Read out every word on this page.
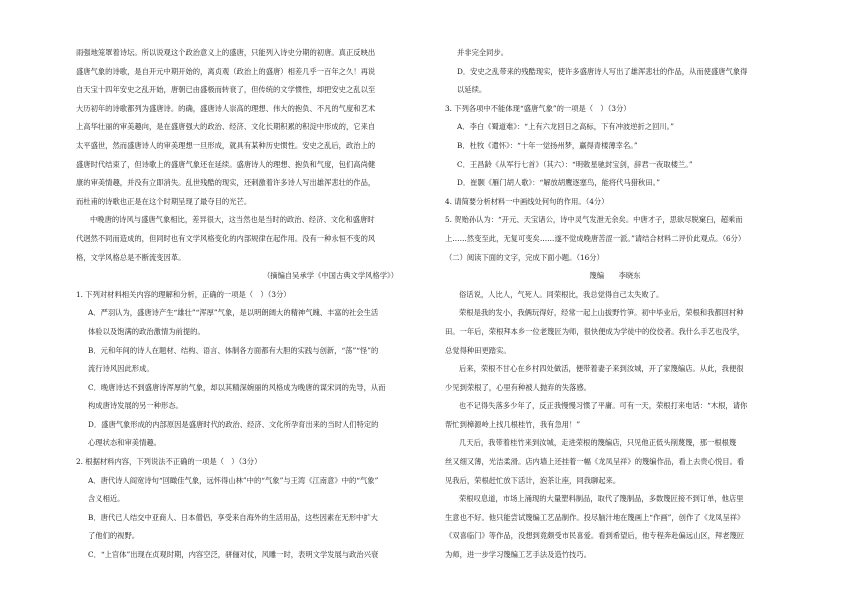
雨强地笼罩着诗坛。所以说观这个政治意义上的盛唐，只能列入诗史分期的初唐。真正反映出
盛唐气象的诗歌，是自开元中期开始的，离贞观（政治上的盛唐）相差几乎一百年之久！再说
自天宝十四年安史之乱开始，唐朝已由盛极而转衰了，但传统的文学惯性，却把安史之乱以至
大历初年的诗歌都列为盛唐诗。的确，盛唐诗人崇高的理想、伟大的抱负、不凡的气度和艺术
上高华壮丽的审美趣向，是在盛唐强大的政治、经济、文化长期积累的积淀中形成的，它来自
太平盛世，然而盛唐诗人的审美理想一旦形成，就具有某种历史惯性。安史之乱后，政治上的
盛唐时代结束了，但诗歌上的盛唐气象还在延续。盛唐诗人的理想、抱负和气度，包们高尚健
康的审美情趣，并没有立即消失。乱世残酷的现实，还刺激着许多诗人写出雄浑悲壮的作品，
而杜甫的诗歌也正是在这个时期呈现了最夺目的光芒。
中晚唐的诗风与盛唐气象相比，差异很大，这当然也是当时的政治、经济、文化和盛唐时
代迥然不同而造成的，但同时也有文学风格变化的内部规律在起作用。没有一种永恒不变的风
格，文学风格总是不断流变因革。
（摘编自吴承学《中国古典文学风格学》）
1. 下列对材料相关内容的理解和分析，正确的一项是（　）（3分）
A．严羽认为，盛唐诗产生“雄壮”“浑厚”气象，是以明朗阔大的精神气魄、丰富的社会生活
体验以及饱满的政治激情为前提的。
B．元和年间的诗人在题材、结构、语言、体制各方面都有大胆的实践与创新，“荡”“怪”的
流行诗风因此形成。
C．晚唐诗达不到盛唐诗浑厚的气象，却以其精深婉丽的风格成为晚唐的谋宋词的先导，从而
构成唐诗发展的另一种形态。
D．盛唐气象形成的内部原因是盛唐时代的政治、经济、文化所孕育出来的当时人们特定的
心理状态和审美情趣。
2. 根据材料内容，下列说法不正确的一项是（　）（3分）
A．唐代诗人阎宽诗句“回瞰佳气象，远怀得山林”中的“气象”与王湾《江南意》中的“气象”
含义相近。
B．唐代已人结交中亚商人、日本僧侣，享受来自海外的生活用品，这些因素在无形中扩大
了他们的视野。
C．“上官体”出现在贞观时期，内容空泛，骈俪对仗，风雕一时，表明文学发展与政治兴衰
并非完全同步。
D．安史之乱带来的残酷现实，使许多盛唐诗人写出了雄浑悲壮的作品，从而使盛唐气象得
以延续。
3. 下列各项中不能体现“盛唐气象”的一项是（　）（3分）
A．李白《蜀道难》：“上有六龙回日之高标，下有冲波逆折之回川。”
B．杜牧《遣怀》：“十年一觉扬州梦，赢得青楼薄幸名。”
C．王昌龄《从军行七首》（其六）：“明敕星驰封宝剑，辞君一夜取楼兰。”
D．崔颢《雁门胡人歌》：“解放胡鹰逐塞鸟，能将代马猎秋田。”
4. 请简要分析材料一中画线处何句的作用。（4分）
5. 贺贻孙认为：“开元、天宝诸公，诗中灵气发泄无余矣。中唐才子，思欲尽脱窠臼，超乘而
上……然变至此，无复可变矣……遂不觉成晚唐苦涩一派。”请结合材料二评价此观点。（6分）
（二）阅读下面的文字，完成下面小题。（16分）
篾编　　李晓东
俗话说，人比人，气死人。同荣根比，我总觉得自己太失败了。
荣根是我的发小，我俩玩得好，经常一起上山拔野竹笋。初中毕业后，荣根和我都回村种
田。一年后，荣根拜本乡一位老篾匠为师，很快便成为学徒中的佼佼者。我什么手艺也没学，
总觉得种田更踏实。
后来，荣根不甘心在乡村四处做活，便带着妻子来到汝城，开了家篾编店。从此，我便很
少见到荣根了，心里有种被人抛弃的失落感。
也不记得失落多少年了，反正我慢慢习惯了平庸。可有一天，荣根打来电话：“木根，请你
帮忙到樟源岭上找几根桂竹，我有急用！”
几天后，我带着桂竹来到汝城，走进荣根的篾编店，只见他正低头削蔑篾，那一根根篾
丝又细又薄，光洁柔滑。店内墙上还挂着一幅《龙凤呈祥》的篾编作品，看上去贵心悦目。看
见我后，荣根赶忙放下活计，泡茶让座，同我聊起来。
荣根叹息道，市场上涌现的大量塑料制品，取代了篾制品，多数篾匠接不到订单，他店里
生意也不好。他只能尝试篾编工艺品制作。投尽脑汁地在篾画上“作画”，创作了《龙凤呈祥》
《双喜临门》等作品，没想到竟颇受市民喜爱。看到希望后，他专程奔赴偏远山区，拜老篾匠
为师，进一步学习篾编工艺手法及造竹技巧。
